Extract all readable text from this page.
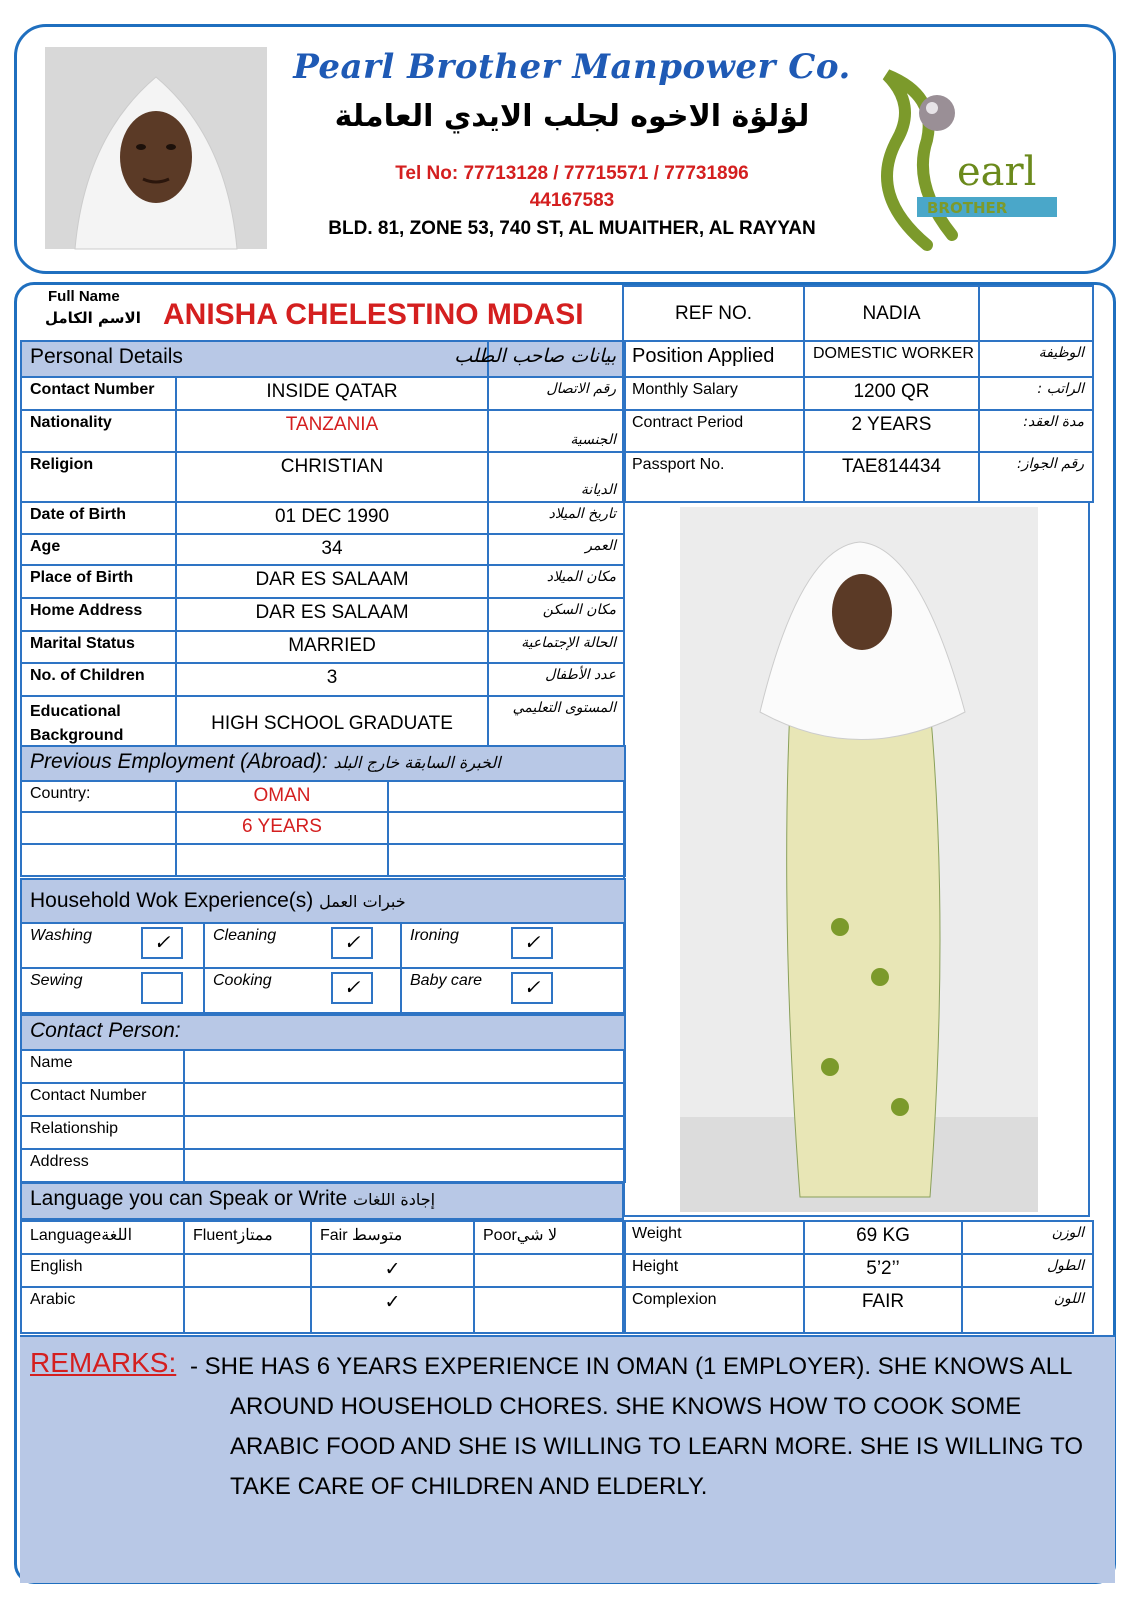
Pearl Brother Manpower Co.
لؤلؤة الاخوه لجلب الايدي العاملة
Tel No: 77713128 / 77715571 / 77731896
44167583
BLD. 81, ZONE 53, 740 ST, AL MUAITHER, AL RAYYAN
earl
BROTHER
Full Name
الاسم الكامل ANISHA CHELESTINO MDASI
Personal Details		بيانات صاحب الطلب
Contact Number	INSIDE QATAR	رقم الاتصال
Nationality	TANZANIA	الجنسية
Religion	CHRISTIAN	الديانة
Date of Birth	01 DEC 1990	تاريخ الميلاد
Age	34	العمر
Place of Birth	DAR ES SALAAM	مكان الميلاد
Home Address	DAR ES SALAAM	مكان السكن
Marital Status	MARRIED	الحالة الإجتماعية
No. of Children	3	عدد الأطفال
Educational Background	HIGH SCHOOL GRADUATE	المستوى التعليمي
REF NO.	NADIA	
Position Applied	DOMESTIC WORKER	الوظيفة
Monthly Salary	1200 QR	الراتب :
Contract Period	2 YEARS	مدة العقد:
Passport No.	TAE814434	رقم الجواز:
Previous Employment (Abroad): الخبرة السابقة خارج البلد		
Country:	OMAN	
	6 YEARS	

Household Wok Experience(s) خبرات العمل		
Washing ✓	Cleaning ✓	Ironing ✓
Sewing	Cooking ✓	Baby care ✓
Contact Person:	
Name	
Contact Number	
Relationship	
Address	
Language you can Speak or Write إجادة اللغات
Languageاللغة	Fluentممتاز	Fair متوسط	Poorلا شي
English		✓	
Arabic		✓	
Weight	69 KG	الوزن
Height	5’2’’	الطول
Complexion	FAIR	اللون
REMARKS: - SHE HAS 6 YEARS EXPERIENCE IN OMAN (1 EMPLOYER). SHE KNOWS ALL
AROUND HOUSEHOLD CHORES. SHE KNOWS HOW TO COOK SOME ARABIC FOOD AND SHE IS WILLING TO LEARN MORE. SHE IS WILLING TO TAKE CARE OF CHILDREN AND ELDERLY.
